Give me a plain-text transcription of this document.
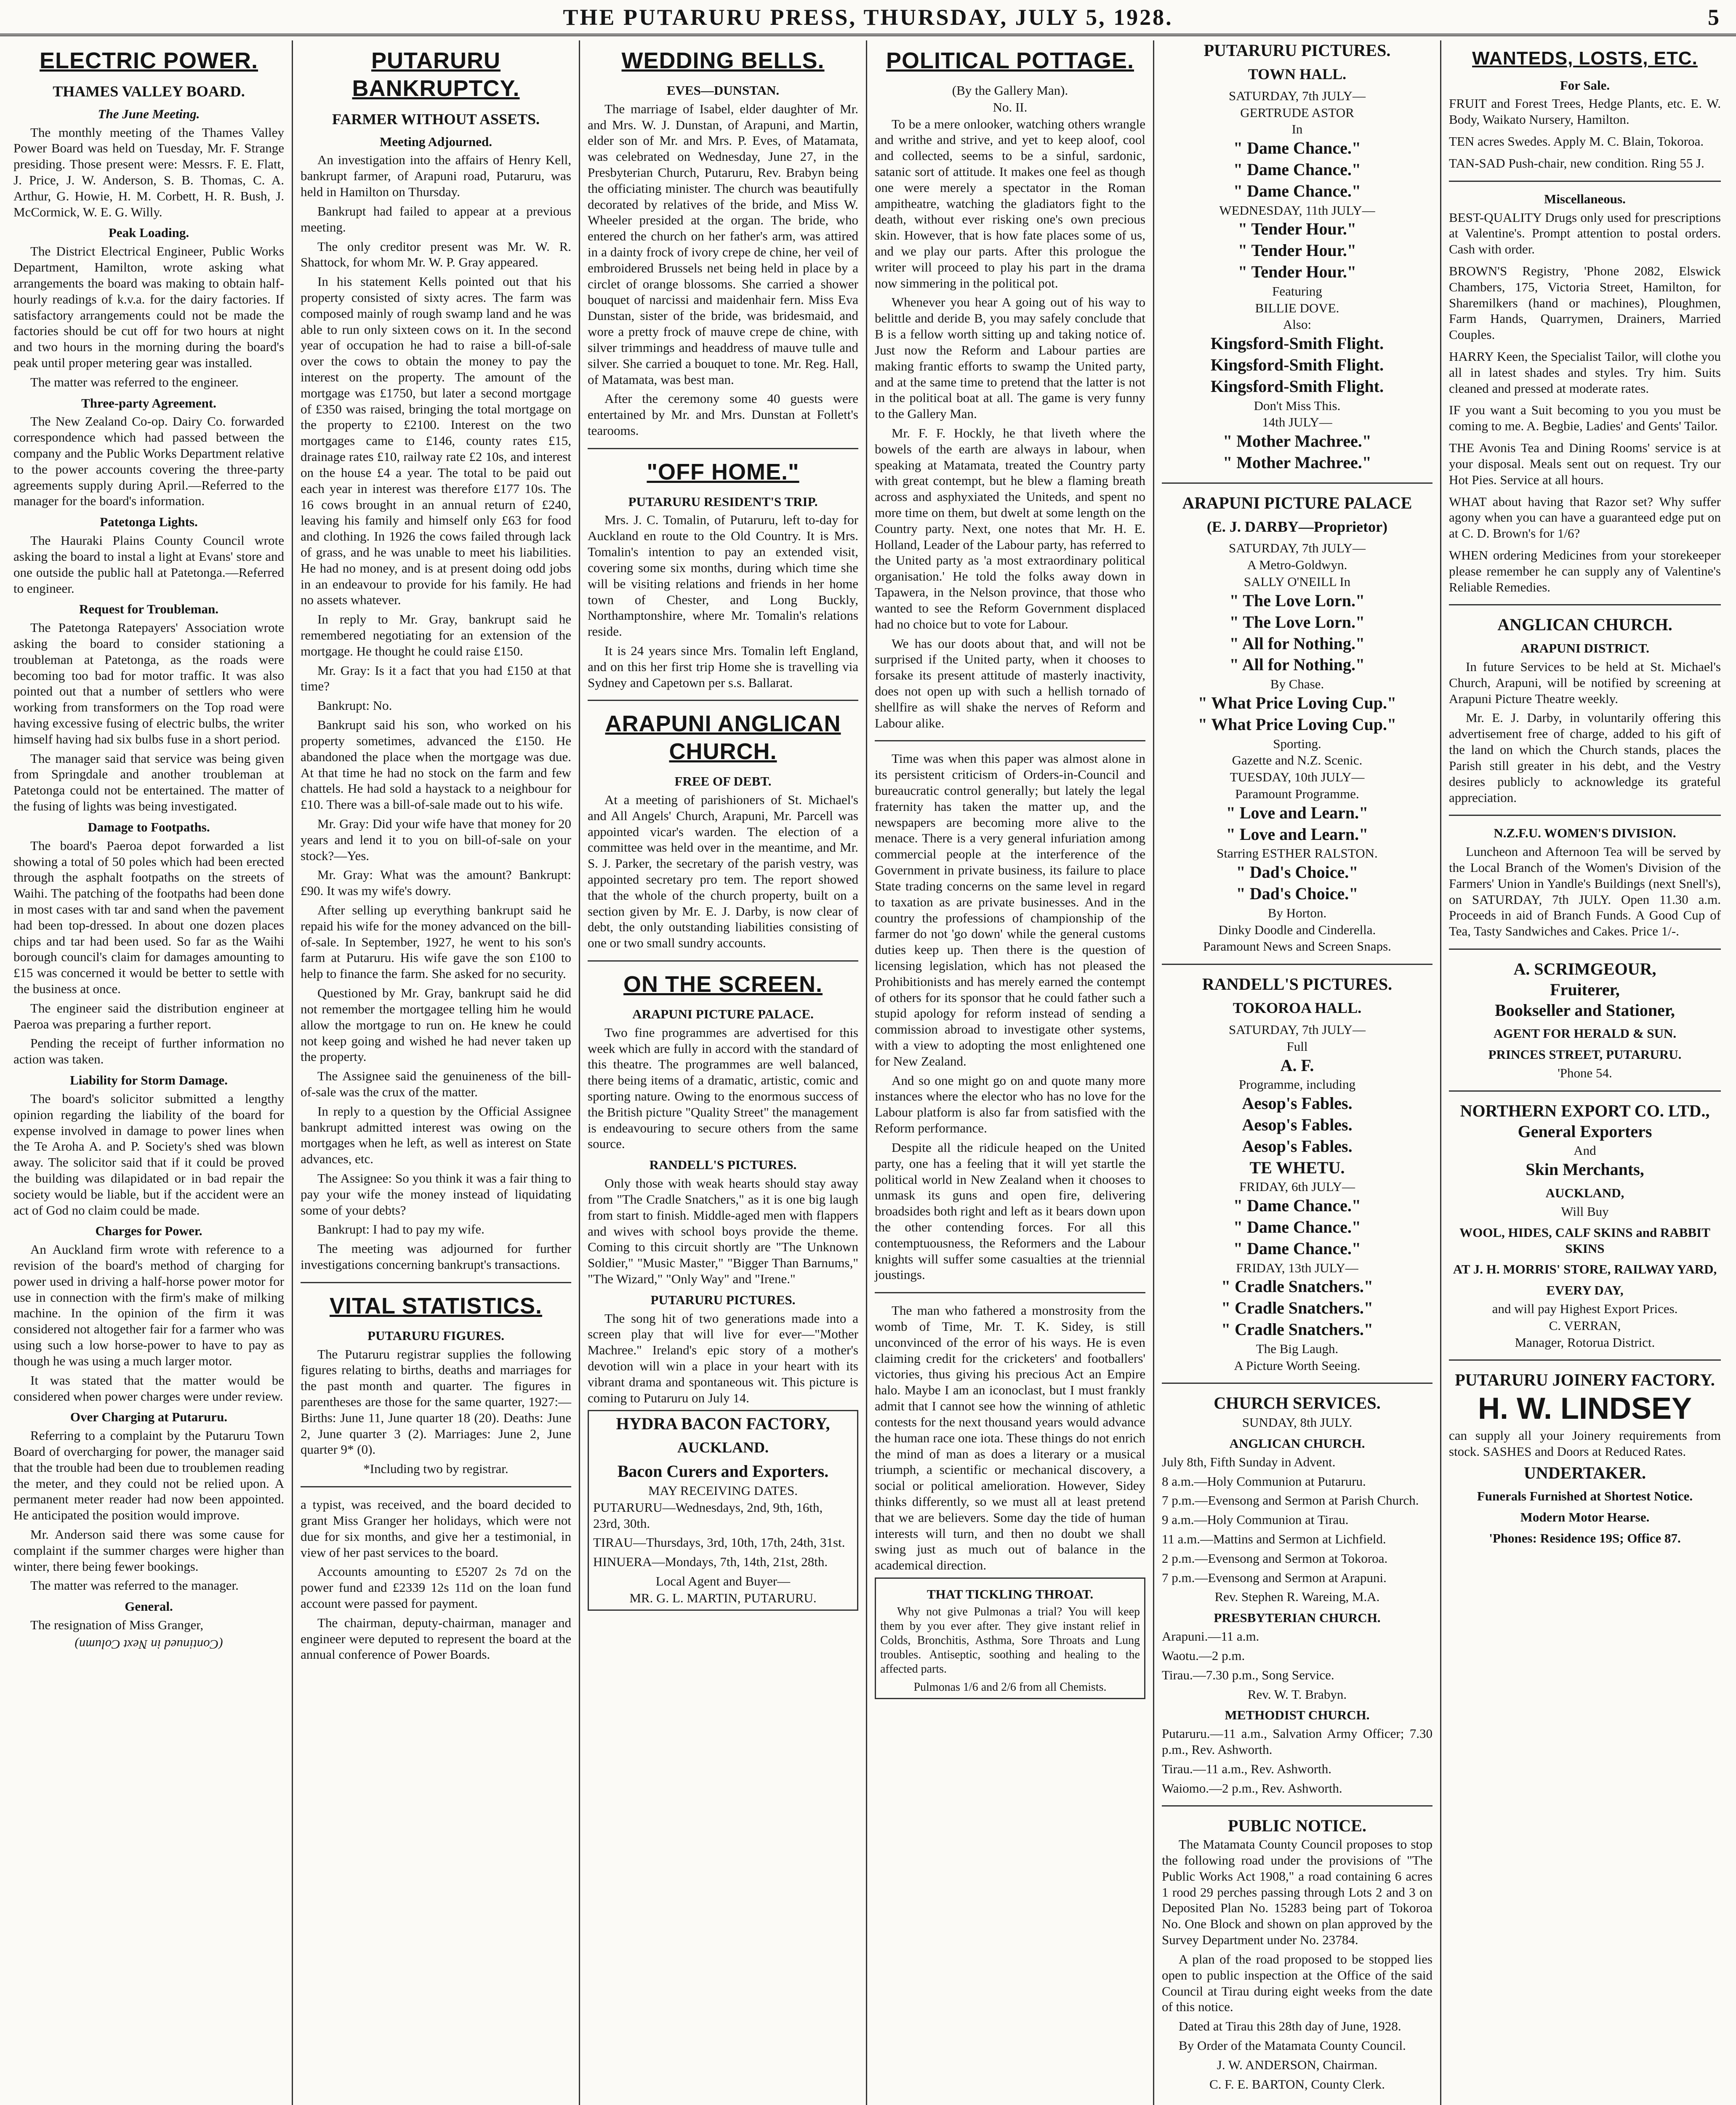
THE PUTARURU PRESS, THURSDAY, JULY 5, 1928.	5
ELECTRIC POWER.
THAMES VALLEY BOARD.
The June Meeting.

The monthly meeting of the Thames Valley Power Board was held on Tuesday, Mr. F. Strange presiding. Those present were: Messrs. F. E. Flatt, J. Price, J. W. Anderson, S. B. Thomas, C. A. Arthur, G. Howie, H. M. Corbett, H. R. Bush, J. McCormick, W. E. G. Willy.

Peak Loading.

The District Electrical Engineer, Public Works Department, Hamilton, wrote asking what arrangements the board was making to obtain half-hourly readings of k.v.a. for the dairy factories. If satisfactory arrangements could not be made the factories should be cut off for two hours at night and two hours in the morning during the board's peak until proper metering gear was installed.

The matter was referred to the engineer.

Three-party Agreement.

The New Zealand Co-op. Dairy Co. forwarded correspondence which had passed between the company and the Public Works Department relative to the power accounts covering the three-party agreements supply during April.—Referred to the manager for the board's information.

Patetonga Lights.

The Hauraki Plains County Council wrote asking the board to instal a light at Evans' store and one outside the public hall at Patetonga.—Referred to engineer.

Request for Troubleman.

The Patetonga Ratepayers' Association wrote asking the board to consider stationing a troubleman at Patetonga, as the roads were becoming too bad for motor traffic. It was also pointed out that a number of settlers who were working from transformers on the Top road were having excessive fusing of electric bulbs, the writer himself having had six bulbs fuse in a short period.

The manager said that service was being given from Springdale and another troubleman at Patetonga could not be entertained. The matter of the fusing of lights was being investigated.

Damage to Footpaths.

The board's Paeroa depot forwarded a list showing a total of 50 poles which had been erected through the asphalt footpaths on the streets of Waihi. The patching of the footpaths had been done in most cases with tar and sand when the pavement had been top-dressed. In about one dozen places chips and tar had been used. So far as the Waihi borough council's claim for damages amounting to £15 was concerned it would be better to settle with the business at once.

The engineer said the distribution engineer at Paeroa was preparing a further report.

Pending the receipt of further information no action was taken.

Liability for Storm Damage.

The board's solicitor submitted a lengthy opinion regarding the liability of the board for expense involved in damage to power lines when the Te Aroha A. and P. Society's shed was blown away. The solicitor said that if it could be proved the building was dilapidated or in bad repair the society would be liable, but if the accident were an act of God no claim could be made.

Charges for Power.

An Auckland firm wrote with reference to a revision of the board's method of charging for power used in driving a half-horse power motor for use in connection with the firm's make of milking machine. In the opinion of the firm it was considered not altogether fair for a farmer who was using such a low horse-power to have to pay as though he was using a much larger motor.

It was stated that the matter would be considered when power charges were under review.

Over Charging at Putaruru.

Referring to a complaint by the Putaruru Town Board of overcharging for power, the manager said that the trouble had been due to troublemen reading the meter, and they could not be relied upon. A permanent meter reader had now been appointed. He anticipated the position would improve.

Mr. Anderson said there was some cause for complaint if the summer charges were higher than winter, there being fewer bookings.

The matter was referred to the manager.

General.

The resignation of Miss Granger,

(Continued in Next Column)
PUTARURU BANKRUPTCY.
FARMER WITHOUT ASSETS.
Meeting Adjourned.

An investigation into the affairs of Henry Kell, bankrupt farmer, of Arapuni road, Putaruru, was held in Hamilton on Thursday.

Bankrupt had failed to appear at a previous meeting.

The only creditor present was Mr. W. R. Shattock, for whom Mr. W. P. Gray appeared.

In his statement Kells pointed out that his property consisted of sixty acres. The farm was composed mainly of rough swamp land and he was able to run only sixteen cows on it. In the second year of occupation he had to raise a bill-of-sale over the cows to obtain the money to pay the interest on the property. The amount of the mortgage was £1750, but later a second mortgage of £350 was raised, bringing the total mortgage on the property to £2100. Interest on the two mortgages came to £146, county rates £15, drainage rates £10, railway rate £2 10s, and interest on the house £4 a year. The total to be paid out each year in interest was therefore £177 10s. The 16 cows brought in an annual return of £240, leaving his family and himself only £63 for food and clothing. In 1926 the cows failed through lack of grass, and he was unable to meet his liabilities. He had no money, and is at present doing odd jobs in an endeavour to provide for his family. He had no assets whatever.

In reply to Mr. Gray, bankrupt said he remembered negotiating for an extension of the mortgage. He thought he could raise £150.

Mr. Gray: Is it a fact that you had £150 at that time?

Bankrupt: No.

Bankrupt said his son, who worked on his property sometimes, advanced the £150. He abandoned the place when the mortgage was due. At that time he had no stock on the farm and few chattels. He had sold a haystack to a neighbour for £10. There was a bill-of-sale made out to his wife.

Mr. Gray: Did your wife have that money for 20 years and lend it to you on bill-of-sale on your stock?—Yes.

Mr. Gray: What was the amount? Bankrupt: £90. It was my wife's dowry.

After selling up everything bankrupt said he repaid his wife for the money advanced on the bill-of-sale. In September, 1927, he went to his son's farm at Putaruru. His wife gave the son £100 to help to finance the farm. She asked for no security.

Questioned by Mr. Gray, bankrupt said he did not remember the mortgagee telling him he would allow the mortgage to run on. He knew he could not keep going and wished he had never taken up the property.

The Assignee said the genuineness of the bill-of-sale was the crux of the matter.

In reply to a question by the Official Assignee bankrupt admitted interest was owing on the mortgages when he left, as well as interest on State advances, etc.

The Assignee: So you think it was a fair thing to pay your wife the money instead of liquidating some of your debts?

Bankrupt: I had to pay my wife.

The meeting was adjourned for further investigations concerning bankrupt's transactions.

VITAL STATISTICS.
PUTARURU FIGURES.

The Putaruru registrar supplies the following figures relating to births, deaths and marriages for the past month and quarter. The figures in parentheses are those for the same quarter, 1927:—Births: June 11, June quarter 18 (20). Deaths: June 2, June quarter 3 (2). Marriages: June 2, June quarter 9* (0).

*Including two by registrar.

a typist, was received, and the board decided to grant Miss Granger her holidays, which were not due for six months, and give her a testimonial, in view of her past services to the board.

Accounts amounting to £5207 2s 7d on the power fund and £2339 12s 11d on the loan fund account were passed for payment.

The chairman, deputy-chairman, manager and engineer were deputed to represent the board at the annual conference of Power Boards.

WEDDING BELLS.
EVES—DUNSTAN.

The marriage of Isabel, elder daughter of Mr. and Mrs. W. J. Dunstan, of Arapuni, and Martin, elder son of Mr. and Mrs. P. Eves, of Matamata, was celebrated on Wednesday, June 27, in the Presbyterian Church, Putaruru, Rev. Brabyn being the officiating minister. The church was beautifully decorated by relatives of the bride, and Miss W. Wheeler presided at the organ. The bride, who entered the church on her father's arm, was attired in a dainty frock of ivory crepe de chine, her veil of embroidered Brussels net being held in place by a circlet of orange blossoms. She carried a shower bouquet of narcissi and maidenhair fern. Miss Eva Dunstan, sister of the bride, was bridesmaid, and wore a pretty frock of mauve crepe de chine, with silver trimmings and headdress of mauve tulle and silver. She carried a bouquet to tone. Mr. Reg. Hall, of Matamata, was best man.

After the ceremony some 40 guests were entertained by Mr. and Mrs. Dunstan at Follett's tearooms.

"OFF HOME."
PUTARURU RESIDENT'S TRIP.

Mrs. J. C. Tomalin, of Putaruru, left to-day for Auckland en route to the Old Country. It is Mrs. Tomalin's intention to pay an extended visit, covering some six months, during which time she will be visiting relations and friends in her home town of Chester, and Long Buckly, Northamptonshire, where Mr. Tomalin's relations reside.

It is 24 years since Mrs. Tomalin left England, and on this her first trip Home she is travelling via Sydney and Capetown per s.s. Ballarat.

ARAPUNI ANGLICAN CHURCH.
FREE OF DEBT.

At a meeting of parishioners of St. Michael's and All Angels' Church, Arapuni, Mr. Parcell was appointed vicar's warden. The election of a committee was held over in the meantime, and Mr. S. J. Parker, the secretary of the parish vestry, was appointed secretary pro tem. The report showed that the whole of the church property, built on a section given by Mr. E. J. Darby, is now clear of debt, the only outstanding liabilities consisting of one or two small sundry accounts.

ON THE SCREEN.
ARAPUNI PICTURE PALACE.

Two fine programmes are advertised for this week which are fully in accord with the standard of this theatre. The programmes are well balanced, there being items of a dramatic, artistic, comic and sporting nature. Owing to the enormous success of the British picture "Quality Street" the management is endeavouring to secure others from the same source.

RANDELL'S PICTURES.

Only those with weak hearts should stay away from "The Cradle Snatchers," as it is one big laugh from start to finish. Middle-aged men with flappers and wives with school boys provide the theme. Coming to this circuit shortly are "The Unknown Soldier," "Music Master," "Bigger Than Barnums," "The Wizard," "Only Way" and "Irene."

PUTARURU PICTURES.

The song hit of two generations made into a screen play that will live for ever—"Mother Machree." Ireland's epic story of a mother's devotion will win a place in your heart with its vibrant drama and spontaneous wit. This picture is coming to Putaruru on July 14.

HYDRA BACON FACTORY,
AUCKLAND.
Bacon Curers and Exporters.
MAY RECEIVING DATES.

PUTARURU—Wednesdays, 2nd, 9th, 16th, 23rd, 30th.

TIRAU—Thursdays, 3rd, 10th, 17th, 24th, 31st.

HINUERA—Mondays, 7th, 14th, 21st, 28th.

Local Agent and Buyer—
MR. G. L. MARTIN, PUTARURU.
POLITICAL POTTAGE.
(By the Gallery Man).
No. II.

To be a mere onlooker, watching others wrangle and writhe and strive, and yet to keep aloof, cool and collected, seems to be a sinful, sardonic, satanic sort of attitude. It makes one feel as though one were merely a spectator in the Roman ampitheatre, watching the gladiators fight to the death, without ever risking one's own precious skin. However, that is how fate places some of us, and we play our parts. After this prologue the writer will proceed to play his part in the drama now simmering in the political pot.

Whenever you hear A going out of his way to belittle and deride B, you may safely conclude that B is a fellow worth sitting up and taking notice of. Just now the Reform and Labour parties are making frantic efforts to swamp the United party, and at the same time to pretend that the latter is not in the political boat at all. The game is very funny to the Gallery Man.

Mr. F. F. Hockly, he that liveth where the bowels of the earth are always in labour, when speaking at Matamata, treated the Country party with great contempt, but he blew a flaming breath across and asphyxiated the Uniteds, and spent no more time on them, but dwelt at some length on the Country party. Next, one notes that Mr. H. E. Holland, Leader of the Labour party, has referred to the United party as 'a most extraordinary political organisation.' He told the folks away down in Tapawera, in the Nelson province, that those who wanted to see the Reform Government displaced had no choice but to vote for Labour.

We has our doots about that, and will not be surprised if the United party, when it chooses to forsake its present attitude of masterly inactivity, does not open up with such a hellish tornado of shellfire as will shake the nerves of Reform and Labour alike.

Time was when this paper was almost alone in its persistent criticism of Orders-in-Council and bureaucratic control generally; but lately the legal fraternity has taken the matter up, and the newspapers are becoming more alive to the menace. There is a very general infuriation among commercial people at the interference of the Government in private business, its failure to place State trading concerns on the same level in regard to taxation as are private businesses. And in the country the professions of championship of the farmer do not 'go down' while the general customs duties keep up. Then there is the question of licensing legislation, which has not pleased the Prohibitionists and has merely earned the contempt of others for its sponsor that he could father such a stupid apology for reform instead of sending a commission abroad to investigate other systems, with a view to adopting the most enlightened one for New Zealand.

And so one might go on and quote many more instances where the elector who has no love for the Labour platform is also far from satisfied with the Reform performance.

Despite all the ridicule heaped on the United party, one has a feeling that it will yet startle the political world in New Zealand when it chooses to unmask its guns and open fire, delivering broadsides both right and left as it bears down upon the other contending forces. For all this contemptuousness, the Reformers and the Labour knights will suffer some casualties at the triennial joustings.

The man who fathered a monstrosity from the womb of Time, Mr. T. K. Sidey, is still unconvinced of the error of his ways. He is even claiming credit for the cricketers' and footballers' victories, thus giving his precious Act an Empire halo. Maybe I am an iconoclast, but I must frankly admit that I cannot see how the winning of athletic contests for the next thousand years would advance the human race one iota. These things do not enrich the mind of man as does a literary or a musical triumph, a scientific or mechanical discovery, a social or political amelioration. However, Sidey thinks differently, so we must all at least pretend that we are believers. Some day the tide of human interests will turn, and then no doubt we shall swing just as much out of balance in the academical direction.

THAT TICKLING THROAT.

Why not give Pulmonas a trial? You will keep them by you ever after. They give instant relief in Colds, Bronchitis, Asthma, Sore Throats and Lung troubles. Antiseptic, soothing and healing to the affected parts.

Pulmonas 1/6 and 2/6 from all Chemists.
PUTARURU PICTURES.
TOWN HALL.
SATURDAY, 7th JULY—
GERTRUDE ASTOR
In
" Dame Chance."
" Dame Chance."
" Dame Chance."
WEDNESDAY, 11th JULY—
" Tender Hour."
" Tender Hour."
" Tender Hour."
Featuring
BILLIE DOVE.
Also:
Kingsford-Smith Flight.
Kingsford-Smith Flight.
Kingsford-Smith Flight.
Don't Miss This.
14th JULY—
" Mother Machree."
" Mother Machree."
ARAPUNI PICTURE PALACE
(E. J. DARBY—Proprietor)
SATURDAY, 7th JULY—
A Metro-Goldwyn.
SALLY O'NEILL In
" The Love Lorn."
" The Love Lorn."
" All for Nothing."
" All for Nothing."
By Chase.
" What Price Loving Cup."
" What Price Loving Cup."
Sporting.
Gazette and N.Z. Scenic.
TUESDAY, 10th JULY—
Paramount Programme.
" Love and Learn."
" Love and Learn."
Starring ESTHER RALSTON.
" Dad's Choice."
" Dad's Choice."
By Horton.
Dinky Doodle and Cinderella.
Paramount News and Screen Snaps.
RANDELL'S PICTURES.
TOKOROA HALL.
SATURDAY, 7th JULY—
Full
A. F.
Programme, including
Aesop's Fables.
Aesop's Fables.
Aesop's Fables.
TE WHETU.
FRIDAY, 6th JULY—
" Dame Chance."
" Dame Chance."
" Dame Chance."
FRIDAY, 13th JULY—
" Cradle Snatchers."
" Cradle Snatchers."
" Cradle Snatchers."
The Big Laugh.
A Picture Worth Seeing.
CHURCH SERVICES.
SUNDAY, 8th JULY.
ANGLICAN CHURCH.

July 8th, Fifth Sunday in Advent.

8 a.m.—Holy Communion at Putaruru.

7 p.m.—Evensong and Sermon at Parish Church.

9 a.m.—Holy Communion at Tirau.

11 a.m.—Mattins and Sermon at Lichfield.

2 p.m.—Evensong and Sermon at Tokoroa.

7 p.m.—Evensong and Sermon at Arapuni.

Rev. Stephen R. Wareing, M.A.

PRESBYTERIAN CHURCH.

Arapuni.—11 a.m.

Waotu.—2 p.m.

Tirau.—7.30 p.m., Song Service.

Rev. W. T. Brabyn.

METHODIST CHURCH.

Putaruru.—11 a.m., Salvation Army Officer; 7.30 p.m., Rev. Ashworth.

Tirau.—11 a.m., Rev. Ashworth.

Waiomo.—2 p.m., Rev. Ashworth.

PUBLIC NOTICE.

The Matamata County Council proposes to stop the following road under the provisions of "The Public Works Act 1908," a road containing 6 acres 1 rood 29 perches passing through Lots 2 and 3 on Deposited Plan No. 15283 being part of Tokoroa No. One Block and shown on plan approved by the Survey Department under No. 23784.

A plan of the road proposed to be stopped lies open to public inspection at the Office of the said Council at Tirau during eight weeks from the date of this notice.

Dated at Tirau this 28th day of June, 1928.

By Order of the Matamata County Council.

J. W. ANDERSON, Chairman.

C. F. E. BARTON, County Clerk.

WANTEDS, LOSTS, ETC.
For Sale.

FRUIT and Forest Trees, Hedge Plants, etc. E. W. Body, Waikato Nursery, Hamilton.

TEN acres Swedes. Apply M. C. Blain, Tokoroa.

TAN-SAD Push-chair, new condition. Ring 55 J.

Miscellaneous.

BEST-QUALITY Drugs only used for prescriptions at Valentine's. Prompt attention to postal orders. Cash with order.

BROWN'S Registry, 'Phone 2082, Elswick Chambers, 175, Victoria Street, Hamilton, for Sharemilkers (hand or machines), Ploughmen, Farm Hands, Quarrymen, Drainers, Married Couples.

HARRY Keen, the Specialist Tailor, will clothe you all in latest shades and styles. Try him. Suits cleaned and pressed at moderate rates.

IF you want a Suit becoming to you you must be coming to me. A. Begbie, Ladies' and Gents' Tailor.

THE Avonis Tea and Dining Rooms' service is at your disposal. Meals sent out on request. Try our Hot Pies. Service at all hours.

WHAT about having that Razor set? Why suffer agony when you can have a guaranteed edge put on at C. D. Brown's for 1/6?

WHEN ordering Medicines from your storekeeper please remember he can supply any of Valentine's Reliable Remedies.

ANGLICAN CHURCH.
ARAPUNI DISTRICT.

In future Services to be held at St. Michael's Church, Arapuni, will be notified by screening at Arapuni Picture Theatre weekly.

Mr. E. J. Darby, in voluntarily offering this advertisement free of charge, added to his gift of the land on which the Church stands, places the Parish still greater in his debt, and the Vestry desires publicly to acknowledge its grateful appreciation.

N.Z.F.U. WOMEN'S DIVISION.

Luncheon and Afternoon Tea will be served by the Local Branch of the Women's Division of the Farmers' Union in Yandle's Buildings (next Snell's), on SATURDAY, 7th JULY. Open 11.30 a.m. Proceeds in aid of Branch Funds. A Good Cup of Tea, Tasty Sandwiches and Cakes. Price 1/-.

A. SCRIMGEOUR,
Fruiterer,
Bookseller and Stationer,
AGENT FOR HERALD & SUN.
PRINCES STREET, PUTARURU.
'Phone 54.
NORTHERN EXPORT CO. LTD.,
General Exporters
And
Skin Merchants,
AUCKLAND,
Will Buy
WOOL, HIDES, CALF SKINS and RABBIT SKINS
AT J. H. MORRIS' STORE, RAILWAY YARD,
EVERY DAY,
and will pay Highest Export Prices.
C. VERRAN,
Manager, Rotorua District.
PUTARURU JOINERY FACTORY.
H. W. LINDSEY

can supply all your Joinery requirements from stock. SASHES and Doors at Reduced Rates.

UNDERTAKER.
Funerals Furnished at Shortest Notice.
Modern Motor Hearse.
'Phones: Residence 19S; Office 87.
